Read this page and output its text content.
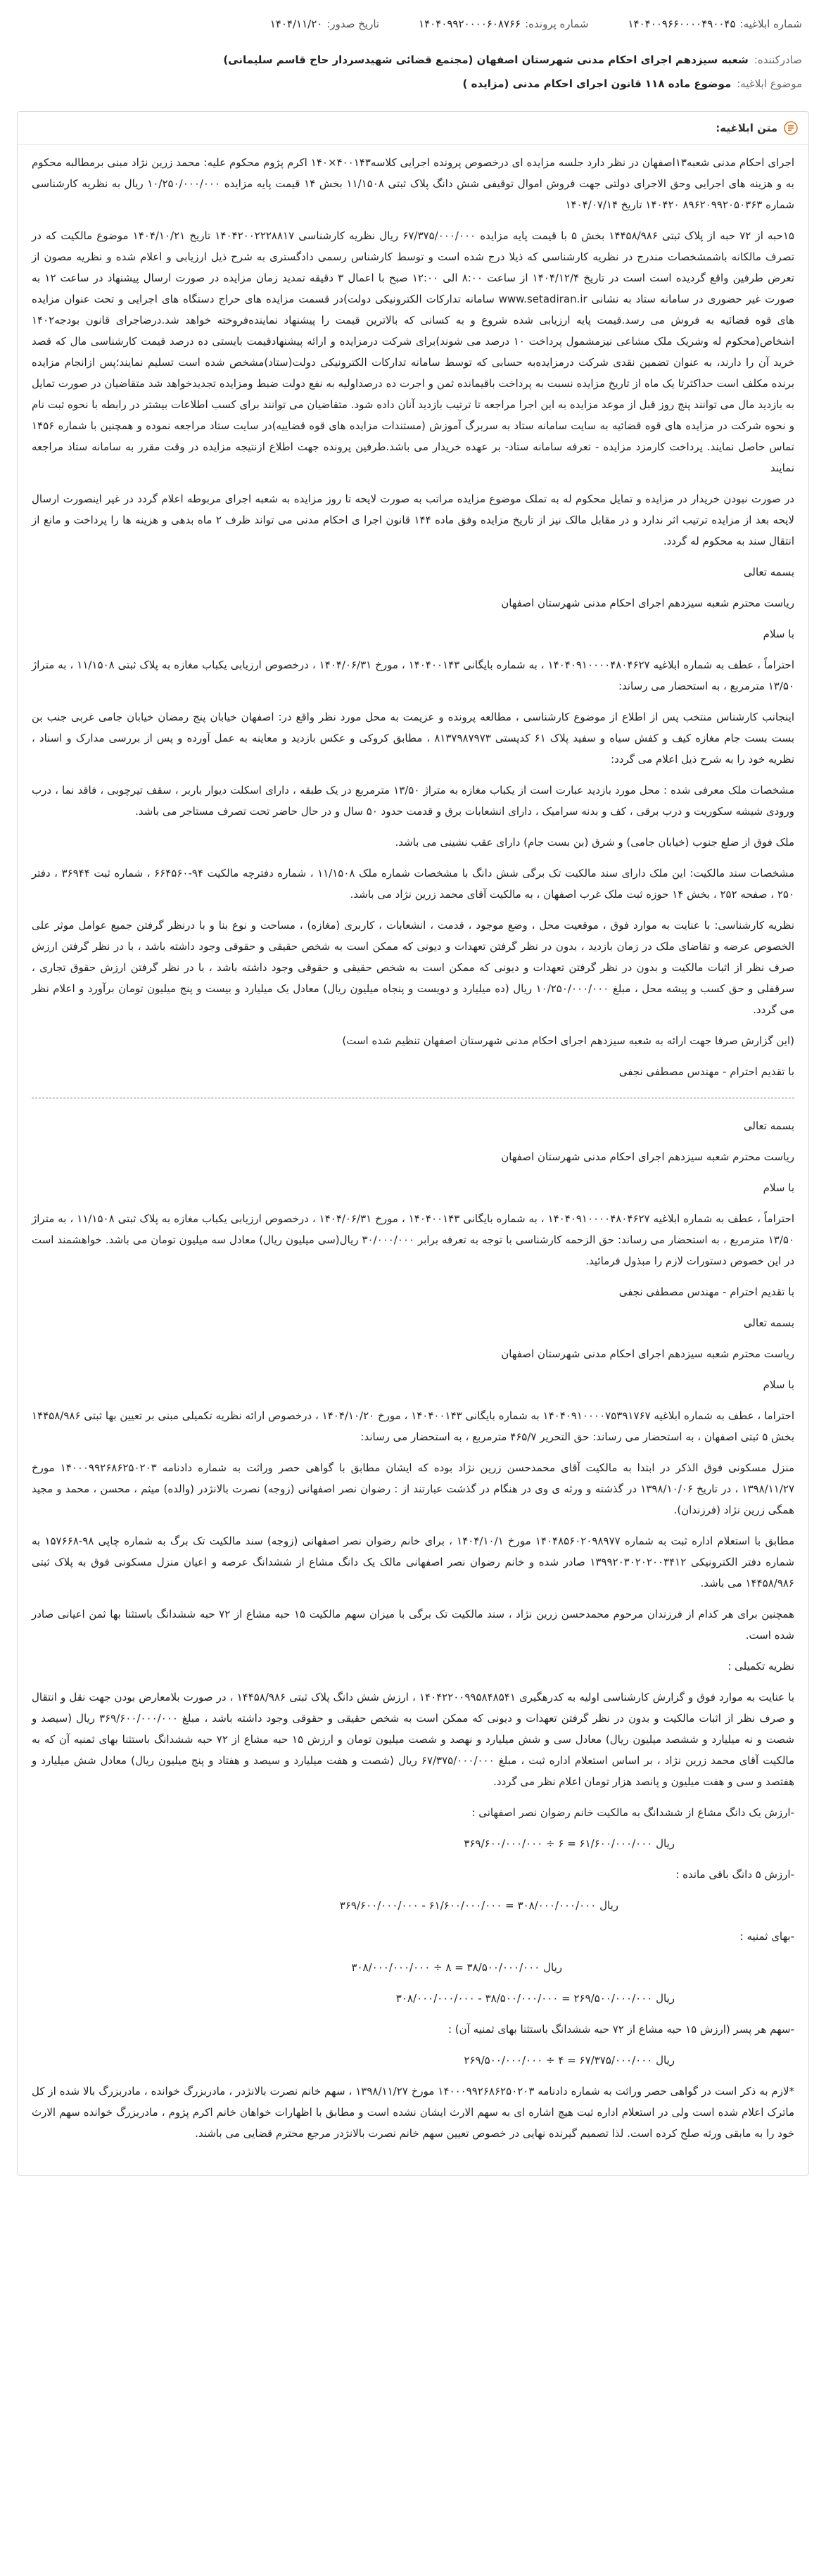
شماره ابلاغیه:
۱۴۰۴۰۰۹۶۶۰۰۰۰۴۹۰۰۴۵
شماره پرونده:
۱۴۰۴۰۹۹۲۰۰۰۰۶۰۸۷۶۶
تاریخ صدور:
۱۴۰۴/۱۱/۲۰
صادرکننده:
شعبه سیزدهم اجرای احکام مدنی شهرستان اصفهان (مجتمع قضائی شهیدسردار حاج قاسم سلیمانی)
موضوع ابلاغیه:
موضوع ماده ۱۱۸ قانون اجرای احکام مدنی (مزایده )
متن ابلاغیه:

اجرای احکام مدنی شعبه۱۳اصفهان در نظر دارد جلسه مزایده ای درخصوص پرونده اجرایی کلاسه۴۰۰۱۴۳×۱۴۰ اکرم پژوم محکوم علیه: محمد زرین نژاد مبنی برمطالبه محکوم به و هزینه های اجرایی وحق الاجرای دولتی جهت فروش اموال توقیفی شش دانگ پلاک ثبتی ۱۱/۱۵۰۸ بخش ۱۴ قیمت پایه مزایده ۱۰/۲۵۰/۰۰۰/۰۰۰ ریال به نظریه کارشناسی شماره ۸۹۶۲۰۹۹۲۰۵۰۳۶۳ ۱۴۰۴۲۰ تاریخ ۱۴۰۴/۰۷/۱۴

۱۵حبه از ۷۲ حبه از پلاک ثبتی ۱۴۴۵۸/۹۸۶ بخش ۵ با قیمت پایه مزایده ۶۷/۳۷۵/۰۰۰/۰۰۰ ریال نظریه کارشناسی ۱۴۰۴۲۰۰۲۲۲۸۸۱۷ تاریخ ۱۴۰۴/۱۰/۲۱ موضوع مالکیت که در تصرف مالکانه باشمشخصات مندرج در نظریه کارشناسی که ذیلا درج شده است و توسط کارشناس رسمی دادگستری به شرح ذیل ارزیابی و اعلام شده و نظریه مصون از تعرض طرفین واقع گردیده است است در تاریخ ۱۴۰۴/۱۲/۴ از ساعت ۸:۰۰ الی ۱۲:۰۰ صبح با اعمال ۳ دقیقه تمدید زمان مزایده در صورت ارسال پیشنهاد در ساعت ۱۲ به صورت غیر حضوری در سامانه ستاد به نشانی www.setadiran.ir سامانه تدارکات الکترونیکی دولت)در قسمت مزایده های حراج دستگاه های اجرایی و تحت عنوان مزایده های قوه قضائیه به فروش می رسد.قیمت پایه ارزیابی شده شروع و به کسانی که بالاترین قیمت را پیشنهاد نماینده‌فروخته خواهد شد.درضاجرای قانون بودجه۱۴۰۲ اشخاص(محکوم له وشریک ملک مشاعی نیزمشمول پرداخت ۱۰ درصد می شوند)برای شرکت درمزایده و ارائه پیشنهادقیمت بایستی ده درصد قیمت کارشناسی مال که قصد خرید آن را دارند، به عنوان تضمین نقدی شرکت درمزایده‌به حسابی که توسط سامانه تدارکات الکترونیکی دولت(ستاد)مشخص شده است تسلیم نمایند؛پس ازانجام مزایده برنده مکلف است حداکثرتا یک ماه از تاریخ مزایده نسبت به پرداخت باقیمانده ثمن و اجرت ده درصد‌اولیه به نفع دولت ضبط ومزایده تجدیدخواهد شد متقاضیان در صورت تمایل به بازدید مال می توانند پنج روز قبل از موعد مزایده به این اجرا مراجعه تا ترتیب بازدید آنان داده شود. متقاضیان می توانند برای کسب اطلاعات بیشتر در رابطه با نحوه ثبت نام و نحوه شرکت در مزایده های قوه قضائیه به سایت سامانه ستاد به سربرگ آموزش (مستندات مزایده های قوه قضاییه)در سایت ستاد مراجعه نموده و همچنین با شماره ۱۴۵۶ تماس حاصل نمایند. پرداخت کارمزد مزایده - تعرفه سامانه ستاد- بر عهده خریدار می باشد.طرفین پرونده جهت اطلاع ازنتیجه مزایده در وقت مقرر به سامانه ستاد مراجعه نمایند

در صورت نبودن خریدار در مزایده و تمایل محکوم له به تملک موضوع مزایده مراتب به صورت لایحه تا روز مزایده به شعبه اجرای مربوطه اعلام گردد در غیر اینصورت ارسال لایحه بعد از مزایده ترتیب اثر ندارد و در مقابل مالک نیز از تاریخ مزایده وفق ماده ۱۴۴ قانون اجرا ی احکام مدنی می تواند ظرف ۲ ماه بدهی و هزینه ها را پرداخت و مانع از انتقال سند به محکوم له گردد.

بسمه تعالی

ریاست محترم شعبه سیزدهم اجرای احکام مدنی شهرستان اصفهان

با سلام

احتراماً ، عطف به شماره ابلاغیه ۱۴۰۴۰۹۱۰۰۰۰۴۸۰۴۶۲۷ ، به شماره بایگانی ۱۴۰۴۰۰۱۴۳ ، مورخ ۱۴۰۴/۰۶/۳۱ ، درخصوص ارزیابی یکباب مغازه به پلاک ثبتی ۱۱/۱۵۰۸ ، به متراژ ۱۳/۵۰ مترمربع ، به استحضار می رساند:

اینجانب کارشناس منتخب پس از اطلاع از موضوع کارشناسی ، مطالعه پرونده و عزیمت به محل مورد نظر واقع در: اصفهان خیابان پنج رمضان خیابان جامی غربی جنب بن بست بست جام مغازه کیف و کفش سیاه و سفید پلاک ۶۱ کدپستی ۸۱۳۷۹۸۷۹۷۳ ، مطابق کروکی و عکس بازدید و معاینه به عمل آورده و پس از بررسی مدارک و اسناد ، نظریه خود را به شرح ذیل اعلام می گردد:

مشخصات ملک معرفی شده : محل مورد بازدید عبارت است از یکباب مغازه به متراژ ۱۳/۵۰ مترمربع در یک طبقه ، دارای اسکلت دیوار باربر ، سقف تیرچوبی ، فاقد نما ، درب ورودی شیشه سکوریت و درب برقی ، کف و بدنه سرامیک ، دارای انشعابات برق و قدمت حدود ۵۰ سال و در حال حاضر تحت تصرف مستاجر می باشد.

ملک فوق از ضلع جنوب (خیابان جامی) و شرق (بن بست جام) دارای عقب نشینی می باشد.

مشخصات سند مالکیت: این ملک دارای سند مالکیت تک برگی شش دانگ با مشخصات شماره ملک ۱۱/۱۵۰۸ ، شماره دفترچه مالکیت ۹۴-۶۶۴۵۶۰ ، شماره ثبت ۳۶۹۴۴ ، دفتر ۲۵۰ ، صفحه ۲۵۲ ، بخش ۱۴ حوزه ثبت ملک غرب اصفهان ، به مالکیت آقای محمد زرین نژاد می باشد.

نظریه کارشناسی: با عنایت به موارد فوق ، موقعیت محل ، وضع موجود ، قدمت ، انشعابات ، کاربری (مغازه) ، مساحت و نوع بنا و با درنظر گرفتن جمیع عوامل موثر علی الخصوص عرضه و تقاضای ملک در زمان بازدید ، بدون در نظر گرفتن تعهدات و دیونی که ممکن است به شخص حقیقی و حقوقی وجود داشته باشد ، با در نظر گرفتن ارزش صرف نظر از اثبات مالکیت و بدون در نظر گرفتن تعهدات و دیونی که ممکن است به شخص حقیقی و حقوقی وجود داشته باشد ، با در نظر گرفتن ارزش حقوق تجاری ، سرقفلی و حق کسب و پیشه محل ، مبلغ ۱۰/۲۵۰/۰۰۰/۰۰۰ ریال (ده میلیارد و دویست و پنجاه میلیون ریال) معادل یک میلیارد و بیست و پنج میلیون تومان برآورد و اعلام نظر می گردد.

(این گزارش صرفا جهت ارائه به شعبه سیزدهم اجرای احکام مدنی شهرستان اصفهان تنظیم شده است)

با تقدیم احترام - مهندس مصطفی نجفی

بسمه تعالی

ریاست محترم شعبه سیزدهم اجرای احکام مدنی شهرستان اصفهان

با سلام

احتراماً ، عطف به شماره ابلاغیه ۱۴۰۴۰۹۱۰۰۰۰۴۸۰۴۶۲۷ ، به شماره بایگانی ۱۴۰۴۰۰۱۴۳ ، مورخ ۱۴۰۴/۰۶/۳۱ ، درخصوص ارزیابی یکباب مغازه به پلاک ثبتی ۱۱/۱۵۰۸ ، به متراژ ۱۳/۵۰ مترمربع ، به استحضار می رساند: حق الزحمه کارشناسی با توجه به تعرفه برابر ۳۰/۰۰۰/۰۰۰ ریال(سی میلیون ریال) معادل سه میلیون تومان می باشد. خواهشمند است در این خصوص دستورات لازم را مبذول فرمائید.

با تقدیم احترام - مهندس مصطفی نجفی

بسمه تعالی

ریاست محترم شعبه سیزدهم اجرای احکام مدنی شهرستان اصفهان

با سلام

احتراما ، عطف به شماره ابلاغیه ۱۴۰۴۰۹۱۰۰۰۰۷۵۳۹۱۷۶۷ به شماره بایگانی ۱۴۰۴۰۰۱۴۳ ، مورخ ۱۴۰۴/۱۰/۲۰ ، درخصوص ارائه نظریه تکمیلی مبنی بر تعیین بها ثبتی ۱۴۴۵۸/۹۸۶ بخش ۵ ثبتی اصفهان ، به استحضار می رساند: حق التحریر ۴۶۵/۷ مترمربع ، به استحضار می رساند:

منزل مسکونی فوق الذکر در ابتدا به مالکیت آقای محمدحسن زرین نژاد بوده که ایشان مطابق با گواهی حصر وراثت به شماره دادنامه ۱۴۰۰۰۹۹۲۶۸۶۲۵۰۲۰۳ مورخ ۱۳۹۸/۱۱/۲۷ ، در تاریخ ۱۳۹۸/۱۰/۰۶ در گذشته و ورثه ی وی در هنگام در گذشت عبارتند از : رضوان نصر اصفهانی (زوجه) نصرت بالانژدر (والده) میثم ، محسن ، محمد و مجید همگی زرین نژاد (فرزندان).

مطابق با استعلام اداره ثبت به شماره ۱۴۰۴۸۵۶۰۲۰۹۸۹۷۷ مورخ ۱۴۰۴/۱۰/۱ ، برای خانم رضوان نصر اصفهانی (زوجه) سند مالکیت تک برگ به شماره چاپی ۹۸-۱۵۷۶۶۸ به شماره دفتر الکترونیکی ۱۳۹۹۲۰۳۰۲۰۲۰۰۳۴۱۲ صادر شده و خانم رضوان نصر اصفهانی مالک یک دانگ مشاع از ششدانگ عرصه و اعیان منزل مسکونی فوق به پلاک ثبتی ۱۴۴۵۸/۹۸۶ می باشد.

همچنین برای هر کدام از فرزندان مرحوم محمدحسن زرین نژاد ، سند مالکیت تک برگی با میزان سهم مالکیت ۱۵ حبه مشاع از ۷۲ حبه ششدانگ باستثنا بها ثمن اعیانی صادر شده است.

نظریه تکمیلی :

با عنایت به موارد فوق و گزارش کارشناسی اولیه به کدرهگیری ۱۴۰۴۲۲۰۰۹۹۵۸۴۸۵۴۱ ، ارزش شش دانگ پلاک ثبتی ۱۴۴۵۸/۹۸۶ ، در صورت بلامعارض بودن جهت نقل و انتقال و صرف نظر از اثبات مالکیت و بدون در نظر گرفتن تعهدات و دیونی که ممکن است به شخص حقیقی و حقوقی وجود داشته باشد ، مبلغ ۳۶۹/۶۰۰/۰۰۰/۰۰۰ ریال (سیصد و شصت و نه میلیارد و ششصد میلیون ریال) معادل سی و شش میلیارد و نهصد و شصت میلیون تومان و ارزش ۱۵ حبه مشاع از ۷۲ حبه ششدانگ باستثنا بهای ثمنیه آن که به مالکیت آقای محمد زرین نژاد ، بر اساس استعلام اداره ثبت ، مبلغ ۶۷/۳۷۵/۰۰۰/۰۰۰ ریال (شصت و هفت میلیارد و سیصد و هفتاد و پنج میلیون ریال) معادل شش میلیارد و هفتصد و سی و هفت میلیون و پانصد هزار تومان اعلام نظر می گردد.

-ارزش یک دانگ مشاع از ششدانگ به مالکیت خانم رضوان نصر اصفهانی :

ریال ۶۱/۶۰۰/۰۰۰/۰۰۰ = ۶ ÷ ۳۶۹/۶۰۰/۰۰۰/۰۰۰

-ارزش ۵ دانگ باقی مانده :

ریال ۳۰۸/۰۰۰/۰۰۰/۰۰۰ = ۶۱/۶۰۰/۰۰۰/۰۰۰ - ۳۶۹/۶۰۰/۰۰۰/۰۰۰

-بهای ثمنیه :

ریال ۳۸/۵۰۰/۰۰۰/۰۰۰ = ۸ ÷ ۳۰۸/۰۰۰/۰۰۰/۰۰۰

ریال ۲۶۹/۵۰۰/۰۰۰/۰۰۰ = ۳۸/۵۰۰/۰۰۰/۰۰۰ - ۳۰۸/۰۰۰/۰۰۰/۰۰۰

-سهم هر پسر (ارزش ۱۵ حبه مشاع از ۷۲ حبه ششدانگ باستثنا بهای ثمنیه آن) :

ریال ۶۷/۳۷۵/۰۰۰/۰۰۰ = ۴ ÷ ۲۶۹/۵۰۰/۰۰۰/۰۰۰

*لازم به ذکر است در گواهی حصر وراثت به شماره دادنامه ۱۴۰۰۰۹۹۲۶۸۶۲۵۰۲۰۳ مورخ ۱۳۹۸/۱۱/۲۷ ، سهم خانم نصرت بالانژدر ، مادربزرگ خوانده ، مادربزرگ بالا شده از کل ماترک اعلام شده است ولی در استعلام اداره ثبت هیچ اشاره ای به سهم الارث ایشان نشده است و مطابق با اظهارات خواهان خانم اکرم پژوم ، مادربزرگ خوانده سهم الارث خود را به مابقی ورثه صلح کرده است. لذا تصمیم گیرنده نهایی در خصوص تعیین سهم خانم نصرت بالانژدر مرجع محترم قضایی می باشند.
